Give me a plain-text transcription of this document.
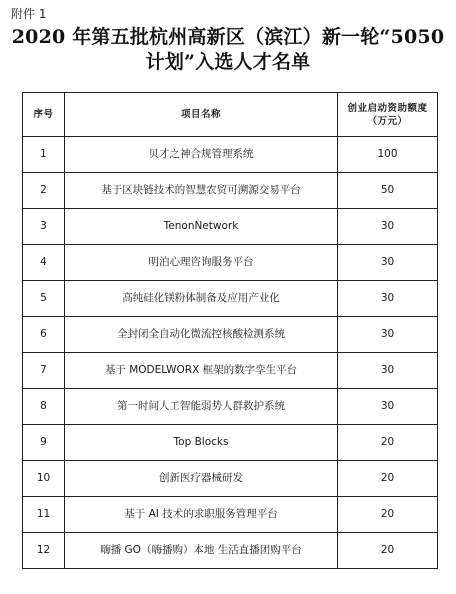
附件 1
2020 年第五批杭州高新区（滨江）新一轮“5050
计划”入选人才名单
序号	项目名称	创业启动资助额度
（万元）

1	贝才之神合规管理系统	100
2	基于区块链技术的智慧农贸可溯源交易平台	50
3	TenonNetwork	30
4	明泊心理咨询服务平台	30
5	高纯硅化镁粉体制备及应用产业化	30
6	全封闭全自动化微流控核酸检测系统	30
7	基于 MODELWORX 框架的数字孪生平台	30
8	第一时间人工智能弱势人群救护系统	30
9	Top Blocks	20
10	创新医疗器械研发	20
11	基于 AI 技术的求职服务管理平台	20
12	嗨播 GO（嗨播购）本地 生活直播团购平台	20
